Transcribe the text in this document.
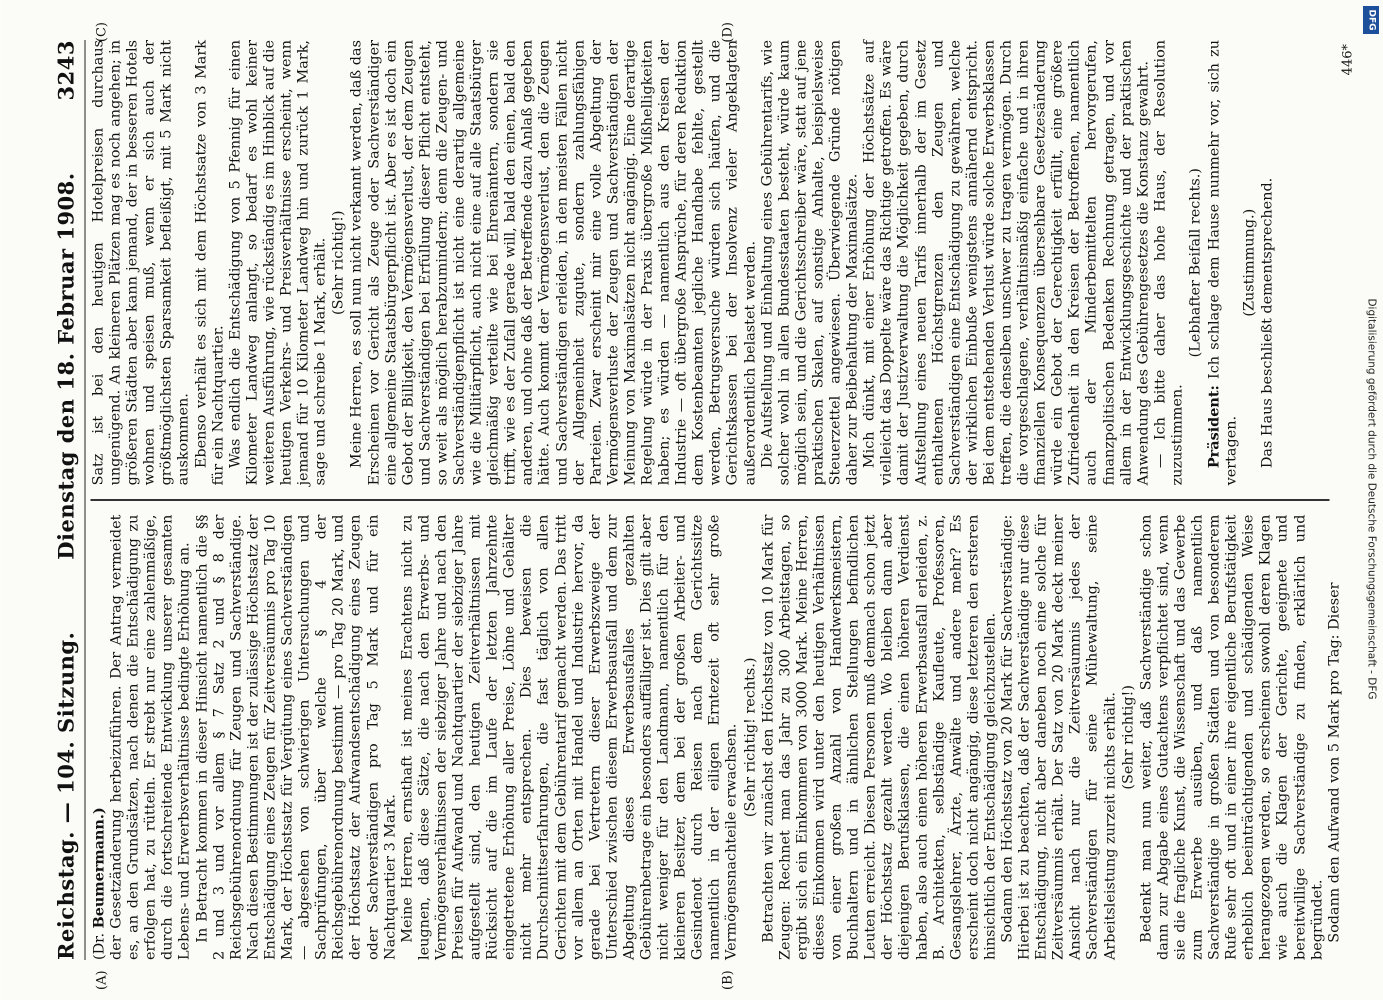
Reichstag. — 104. Sitzung.
Dienstag den 18. Februar 1908.
3243
(A)	(B)
(C)	(D)

(Dr. Beumermann.) der Gesetzänderung herbeizuführen. Der Antrag vermeidet es, an den Grundsätzen, nach denen die Entschädigung zu erfolgen hat, zu rütteln. Er strebt nur eine zahlenmäßige, durch die fortschreitende Entwicklung unserer gesamten Lebens- und Erwerbsverhältnisse bedingte Erhöhung an. In Betracht kommen in dieser Hinsicht namentlich die §§ 2 und 3 und vor allem § 7 Satz 2 und § 8 der Reichsgebührenordnung für Zeugen und Sachverständige. Nach diesen Bestimmungen ist der zulässige Höchstsatz der Entschädigung eines Zeugen für Zeitversäumnis pro Tag 10 Mark, der Höchstsatz für Vergütung eines Sachverständigen — abgesehen von schwierigen Untersuchungen und Sachprüfungen, über welche § 4 der Reichsgebührenordnung bestimmt — pro Tag 20 Mark, und der Höchstsatz der Aufwandsentschädigung eines Zeugen oder Sachverständigen pro Tag 5 Mark und für ein Nachtquartier 3 Mark. Meine Herren, ernsthaft ist meines Erachtens nicht zu leugnen, daß diese Sätze, die nach den Erwerbs- und Vermögensverhältnissen der siebziger Jahre und nach den Preisen für Aufwand und Nachtquartier der siebziger Jahre aufgestellt sind, den heutigen Zeitverhältnissen mit Rücksicht auf die im Laufe der letzten Jahrzehnte eingetretene Erhöhung aller Preise, Löhne und Gehälter nicht mehr entsprechen. Dies beweisen die Durchschnittserfahrungen, die fast täglich von allen Gerichten mit dem Gebührentarif gemacht werden. Das tritt vor allem an Orten mit Handel und Industrie hervor, da gerade bei Vertretern dieser Erwerbszweige der Unterschied zwischen diesem Erwerbsausfall und dem zur Abgeltung dieses Erwerbsausfalles gezahlten Gebührenbetrage ein besonders auffälliger ist. Dies gilt aber nicht weniger für den Landmann, namentlich für den kleineren Besitzer, dem bei der großen Arbeiter- und Gesindenot durch Reisen nach dem Gerichtssitze namentlich in der eiligen Erntezeit oft sehr große Vermögensnachteile erwachsen. (Sehr richtig! rechts.) Betrachten wir zunächst den Höchstsatz von 10 Mark für Zeugen: Rechnet man das Jahr zu 300 Arbeitstagen, so ergibt sich ein Einkommen von 3000 Mark. Meine Herren, dieses Einkommen wird unter den heutigen Verhältnissen von einer großen Anzahl von Handwerksmeistern, Buchhaltern und in ähnlichen Stellungen befindlichen Leuten erreicht. Diesen Personen muß demnach schon jetzt der Höchstsatz gezahlt werden. Wo bleiben dann aber diejenigen Berufsklassen, die einen höheren Verdienst haben, also auch einen höheren Erwerbsausfall erleiden, z. B. Architekten, selbständige Kaufleute, Professoren, Gesangslehrer, Ärzte, Anwälte und andere mehr? Es erscheint doch nicht angängig, diese letzteren den ersteren hinsichtlich der Entschädigung gleichzustellen. Sodann den Höchstsatz von 20 Mark für Sachverständige: Hierbei ist zu beachten, daß der Sachverständige nur diese Entschädigung, nicht aber daneben noch eine solche für Zeitversäumnis erhält. Der Satz von 20 Mark deckt meiner Ansicht nach nur die Zeitversäumnis jedes der Sachverständigen für seine Mühewaltung, seine Arbeitsleistung zurzeit nichts erhält. (Sehr richtig!) Bedenkt man nun weiter, daß Sachverständige schon dann zur Abgabe eines Gutachtens verpflichtet sind, wenn sie die fragliche Kunst, die Wissenschaft und das Gewerbe zum Erwerbe ausüben, und daß namentlich Sachverständige in großen Städten und von besonderem Rufe sehr oft und in einer ihre eigentliche Berufstätigkeit erheblich beeinträchtigenden und schädigenden Weise herangezogen werden, so erscheinen sowohl deren Klagen wie auch die Klagen der Gerichte, geeignete und bereitwillige Sachverständige zu finden, erklärlich und begründet. Sodann den Aufwand von 5 Mark pro Tag: Dieser

Satz ist bei den heutigen Hotelpreisen durchaus ungenügend. An kleineren Plätzen mag es noch angehen; in größeren Städten aber kann jemand, der in besseren Hotels wohnen und speisen muß, wenn er sich auch der größtmöglichsten Sparsamkeit befleißigt, mit 5 Mark nicht auskommen. Ebenso verhält es sich mit dem Höchstsatze von 3 Mark für ein Nachtquartier. Was endlich die Entschädigung von 5 Pfennig für einen Kilometer Landweg anlangt, so bedarf es wohl keiner weiteren Ausführung, wie rückständig es im Hinblick auf die heutigen Verkehrs- und Preisverhältnisse erscheint, wenn jemand für 10 Kilometer Landweg hin und zurück 1 Mark, sage und schreibe 1 Mark, erhält. (Sehr richtig!) Meine Herren, es soll nun nicht verkannt werden, daß das Erscheinen vor Gericht als Zeuge oder Sachverständiger eine allgemeine Staatsbürgerpflicht ist. Aber es ist doch ein Gebot der Billigkeit, den Vermögensverlust, der dem Zeugen und Sachverständigen bei Erfüllung dieser Pflicht entsteht, so weit als möglich herabzumindern; denn die Zeugen- und Sachverständigenpflicht ist nicht eine derartig allgemeine wie die Militärpflicht, auch nicht eine auf alle Staatsbürger gleichmäßig verteilte wie bei Ehrenämtern, sondern sie trifft, wie es der Zufall gerade will, bald den einen, bald den anderen, und ohne daß der Betreffende dazu Anlaß gegeben hätte. Auch kommt der Vermögensverlust, den die Zeugen und Sachverständigen erleiden, in den meisten Fällen nicht der Allgemeinheit zugute, sondern zahlungsfähigen Parteien. Zwar erscheint mir eine volle Abgeltung der Vermögensverluste der Zeugen und Sachverständigen der Meinung von Maximalsätzen nicht angängig. Eine derartige Regelung würde in der Praxis übergroße Mißhelligkeiten haben; es würden — namentlich aus den Kreisen der Industrie — oft übergroße Ansprüche, für deren Reduktion dem Kostenbeamten jegliche Handhabe fehlte, gestellt werden, Betrugsversuche würden sich häufen, und die Gerichtskassen bei der Insolvenz vieler Angeklagten außerordentlich belastet werden. Die Aufstellung und Einhaltung eines Gebührentarifs, wie solcher wohl in allen Bundesstaaten besteht, würde kaum möglich sein, und die Gerichtsschreiber wäre, statt auf jene praktischen Skalen, auf sonstige Anhalte, beispielsweise Steuerzettel angewiesen. Überwiegende Gründe nötigen daher zur Beibehaltung der Maximalsätze. Mich dünkt, mit einer Erhöhung der Höchstsätze auf vielleicht das Doppelte wäre das Richtige getroffen. Es wäre damit der Justizverwaltung die Möglichkeit gegeben, durch Aufstellung eines neuen Tarifs innerhalb der im Gesetz enthaltenen Höchstgrenzen den Zeugen und Sachverständigen eine Entschädigung zu gewähren, welche der wirklichen Einbuße wenigstens annähernd entspricht. Bei dem entstehenden Verlust würde solche Erwerbsklassen treffen, die denselben unschwer zu tragen vermögen. Durch die vorgeschlagene, verhältnismäßig einfache und in ihren finanziellen Konsequenzen übersehbare Gesetzesänderung würde ein Gebot der Gerechtigkeit erfüllt, eine größere Zufriedenheit in den Kreisen der Betroffenen, namentlich auch der Minderbemittelten hervorgerufen, finanzpolitischen Bedenken Rechnung getragen, und vor allem in der Entwicklungsgeschichte und der praktischen Anwendung des Gebührengesetzes die Konstanz gewahrt. — Ich bitte daher das hohe Haus, der Resolution zuzustimmen.

(Lebhafter Beifall rechts.)

Präsident: Ich schlage dem Hause nunmehr vor, sich zu vertagen.

(Zustimmung.) Das Haus beschließt dementsprechend.

446*
DFG
Digitalisierung gefördert durch die Deutsche Forschungsgemeinschaft - DFG
